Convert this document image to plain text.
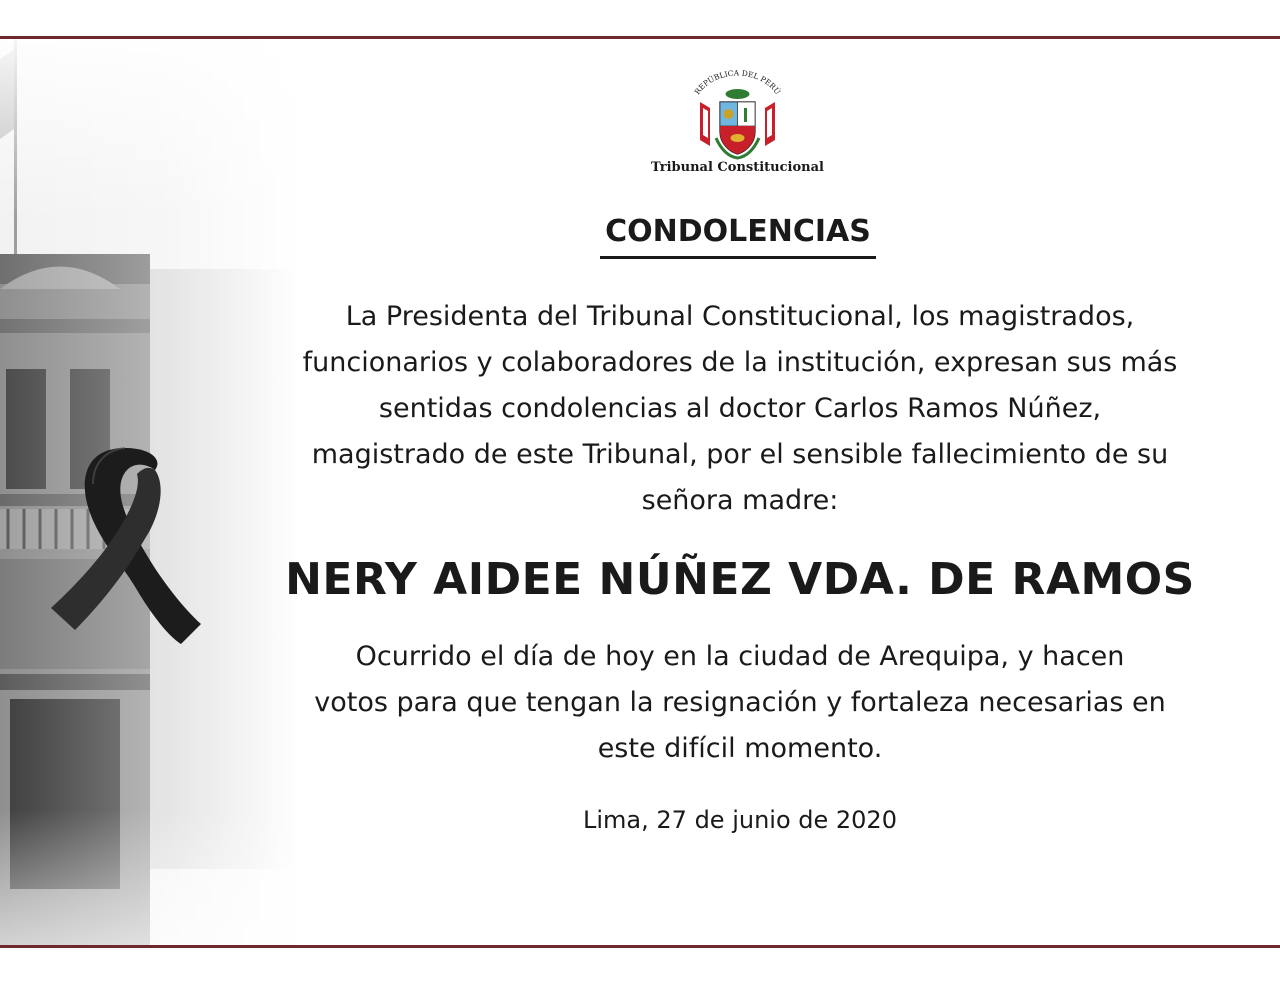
REPÚBLICA DEL PERÚ
Tribunal Constitucional
CONDOLENCIAS

La Presidenta del Tribunal Constitucional, los magistrados,
funcionarios y colaboradores de la institución, expresan sus más
sentidas condolencias al doctor Carlos Ramos Núñez,
magistrado de este Tribunal, por el sensible fallecimiento de su
señora madre:

NERY AIDEE NÚÑEZ VDA. DE RAMOS

Ocurrido el día de hoy en la ciudad de Arequipa, y hacen
votos para que tengan la resignación y fortaleza necesarias en
este difícil momento.

Lima, 27 de junio de 2020
